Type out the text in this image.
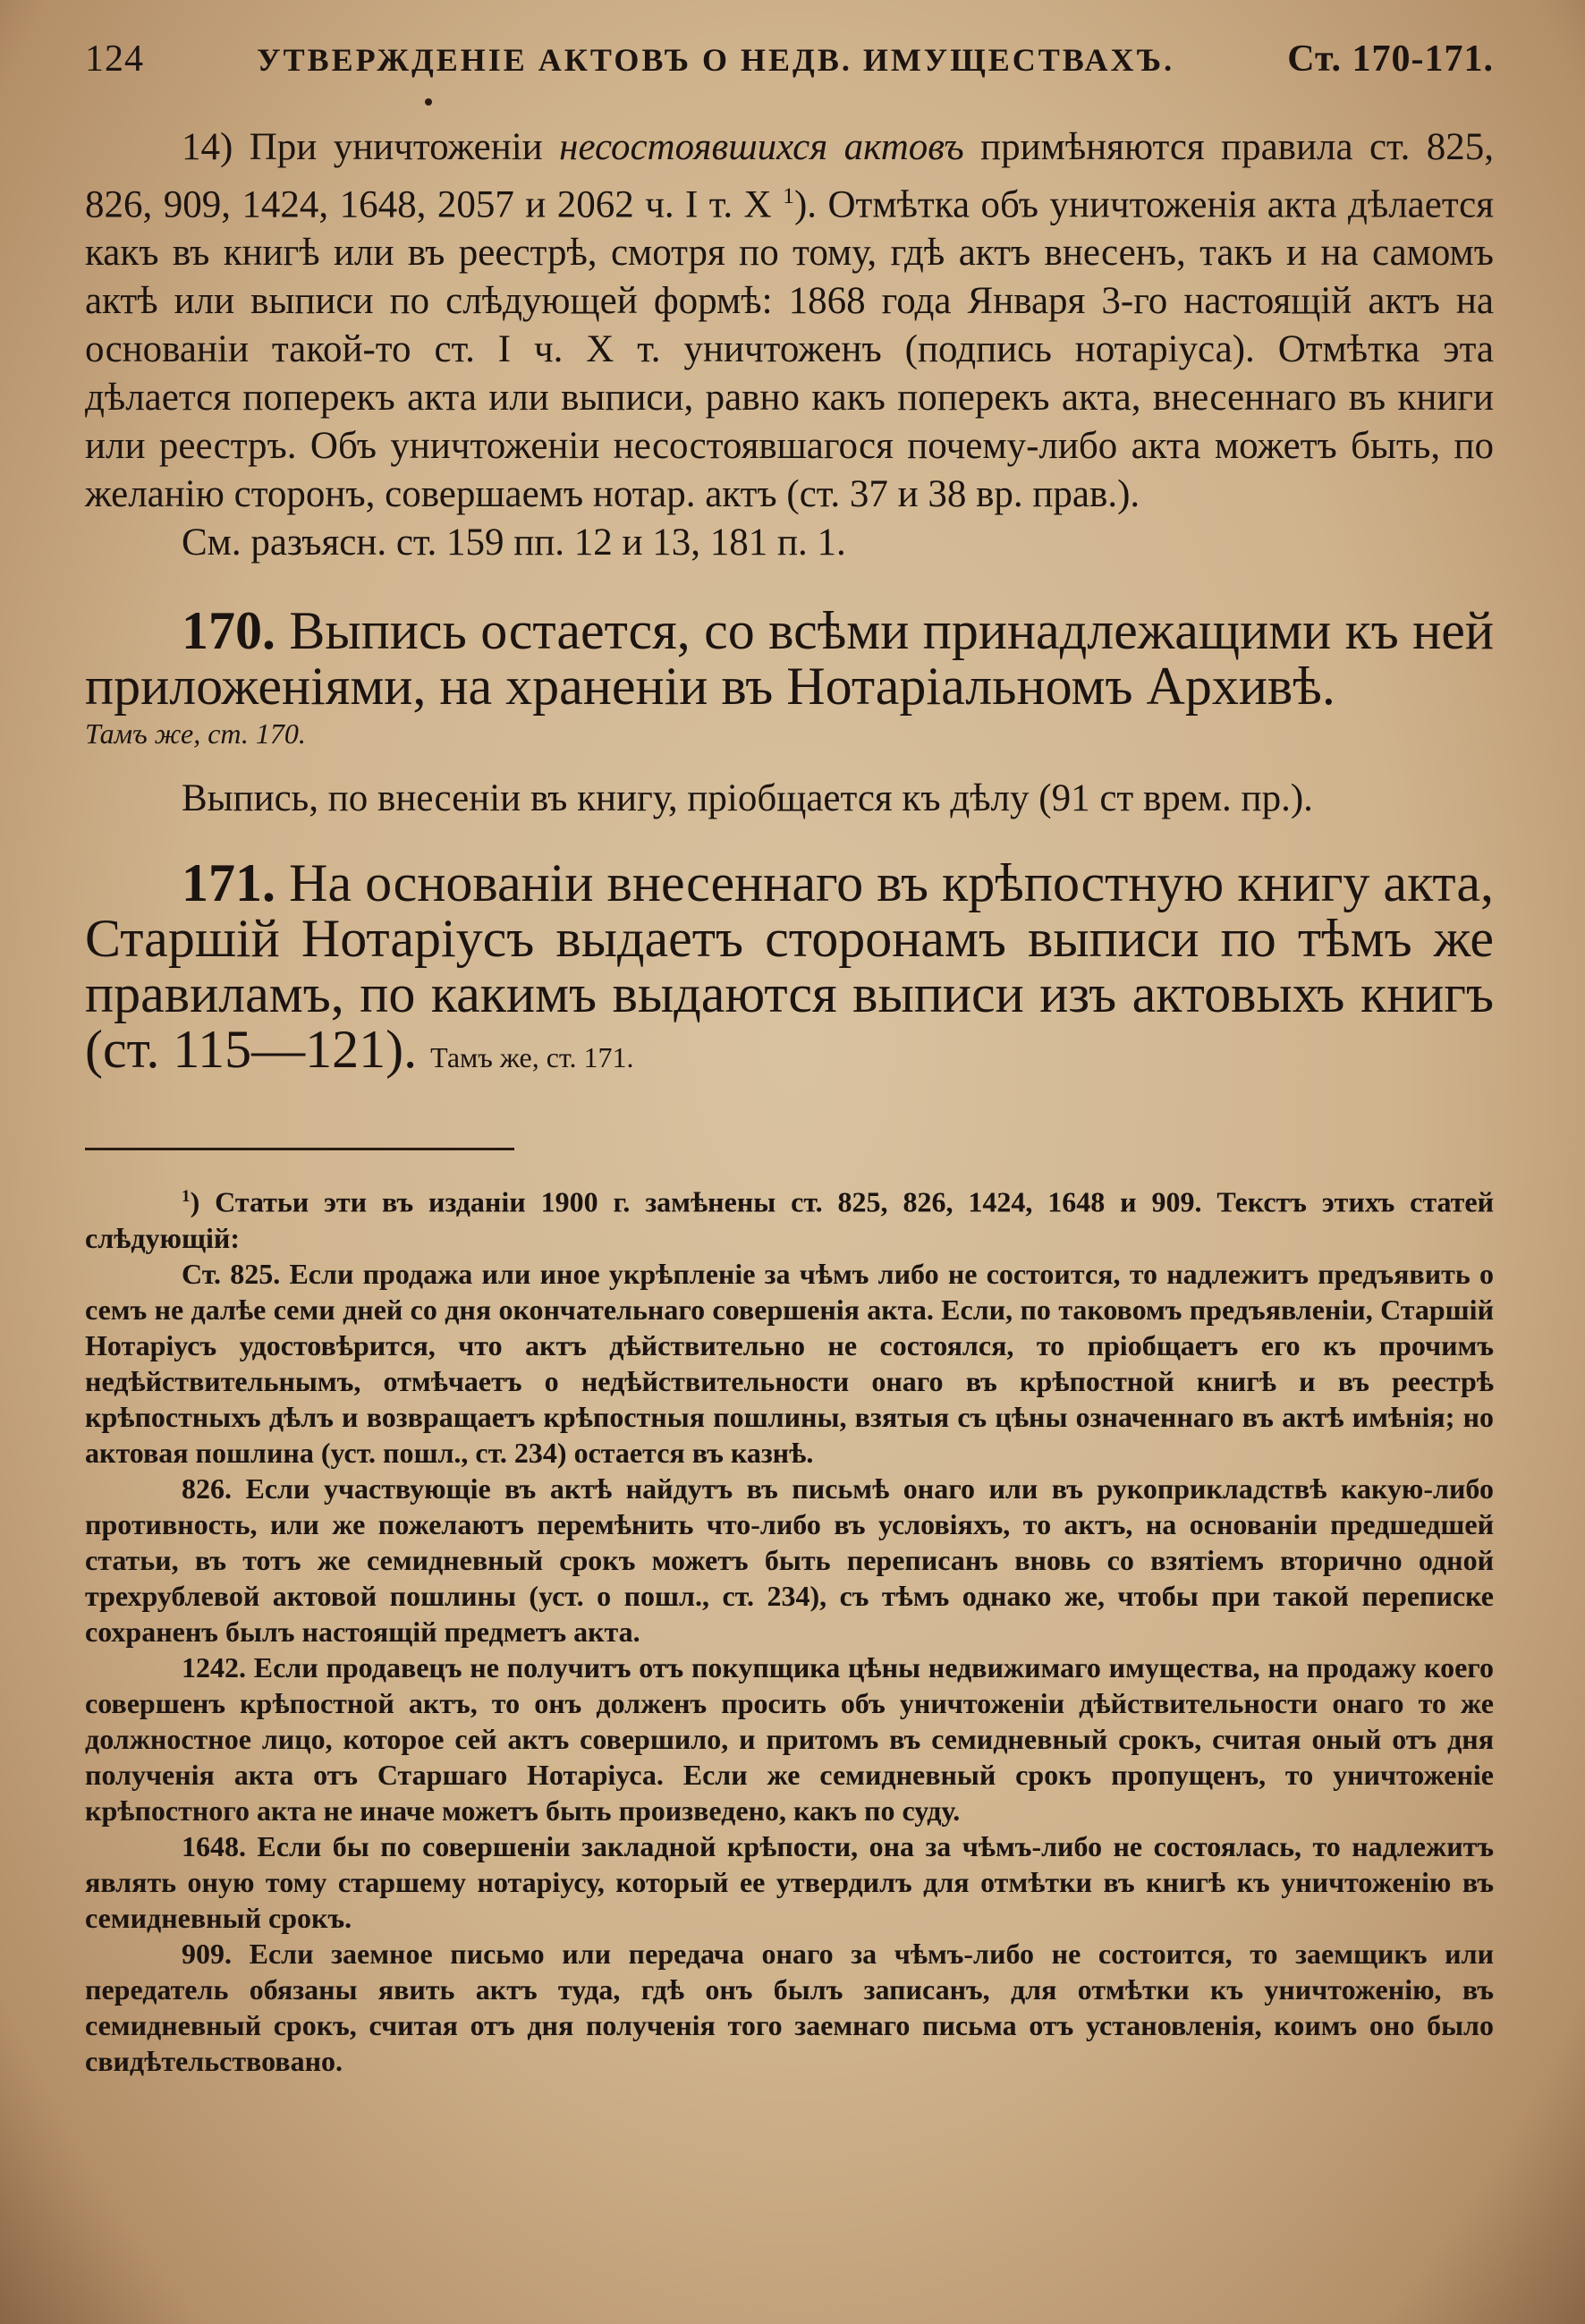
124	УТВЕРЖДЕНІЕ АКТОВЪ О НЕДВ. ИМУЩЕСТВАХЪ.	Ст. 170-171.

14) При уничтоженіи несостоявшихся актовъ примѣняются правила ст. 825, 826, 909, 1424, 1648, 2057 и 2062 ч. I т. X $^1$). Отмѣтка объ уничтоженія акта дѣлается какъ въ книгѣ или въ реестрѣ, смотря по тому, гдѣ актъ внесенъ, такъ и на самомъ актѣ или выписи по слѣдующей формѣ: 1868 года Января 3-го настоящій актъ на основаніи такой-то ст. I ч. X т. уничтоженъ (подпись нотаріуса). Отмѣтка эта дѣлается поперекъ акта или выписи, равно какъ поперекъ акта, внесеннаго въ книги или реестръ. Объ уничтоженіи несостоявшагося почему-либо акта можетъ быть, по желанію сторонъ, совершаемъ нотар. актъ (ст. 37 и 38 вр. прав.).

См. разъясн. ст. 159 пп. 12 и 13, 181 п. 1.

170. Выпись остается, со всѣми принадлежащими къ ней приложеніями, на храненіи въ Нотаріальномъ Архивѣ.
Тамъ же, ст. 170.
Выпись, по внесеніи въ книгу, пріобщается къ дѣлу (91 ст врем. пр.).
171. На основаніи внесеннаго въ крѣпостную книгу акта, Старшій Нотаріусъ выдаетъ сторонамъ выписи по тѣмъ же правиламъ, по какимъ выдаются выписи изъ актовыхъ книгъ (ст. 115—121). Тамъ же, ст. 171.

$^1$) Статьи эти въ изданіи 1900 г. замѣнены ст. 825, 826, 1424, 1648 и 909. Текстъ этихъ статей слѣдующій:

Ст. 825. Если продажа или иное укрѣпленіе за чѣмъ либо не состоится, то надлежитъ предъявить о семъ не далѣе семи дней со дня окончательнаго совершенія акта. Если, по таковомъ предъявленіи, Старшій Нотаріусъ удостовѣрится, что актъ дѣйствительно не состоялся, то пріобщаетъ его къ прочимъ недѣйствительнымъ, отмѣчаетъ о недѣйствительности онаго въ крѣпостной книгѣ и въ реестрѣ крѣпостныхъ дѣлъ и возвращаетъ крѣпостныя пошлины, взятыя съ цѣны означеннаго въ актѣ имѣнія; но актовая пошлина (уст. пошл., ст. 234) остается въ казнѣ.

826. Если участвующіе въ актѣ найдутъ въ письмѣ онаго или въ рукоприкладствѣ какую-либо противность, или же пожелаютъ перемѣнить что-либо въ условіяхъ, то актъ, на основаніи предшедшей статьи, въ тотъ же семидневный срокъ можетъ быть переписанъ вновь со взятіемъ вторично одной трехрублевой актовой пошлины (уст. о пошл., ст. 234), съ тѣмъ однако же, чтобы при такой переписке сохраненъ былъ настоящій предметъ акта.

1242. Если продавецъ не получитъ отъ покупщика цѣны недвижимаго имущества, на продажу коего совершенъ крѣпостной актъ, то онъ долженъ просить объ уничтоженіи дѣйствительности онаго то же должностное лицо, которое сей актъ совершило, и притомъ въ семидневный срокъ, считая оный отъ дня полученія акта отъ Старшаго Нотаріуса. Если же семидневный срокъ пропущенъ, то уничтоженіе крѣпостного акта не иначе можетъ быть произведено, какъ по суду.

1648. Если бы по совершеніи закладной крѣпости, она за чѣмъ-либо не состоялась, то надлежитъ являть оную тому старшему нотаріусу, который ее утвердилъ для отмѣтки въ книгѣ къ уничтоженію въ семидневный срокъ.

909. Если заемное письмо или передача онаго за чѣмъ-либо не состоится, то заемщикъ или передатель обязаны явить актъ туда, гдѣ онъ былъ записанъ, для отмѣтки къ уничтоженію, въ семидневный срокъ, считая отъ дня полученія того заемнаго письма отъ установленія, коимъ оно было свидѣтельствовано.
